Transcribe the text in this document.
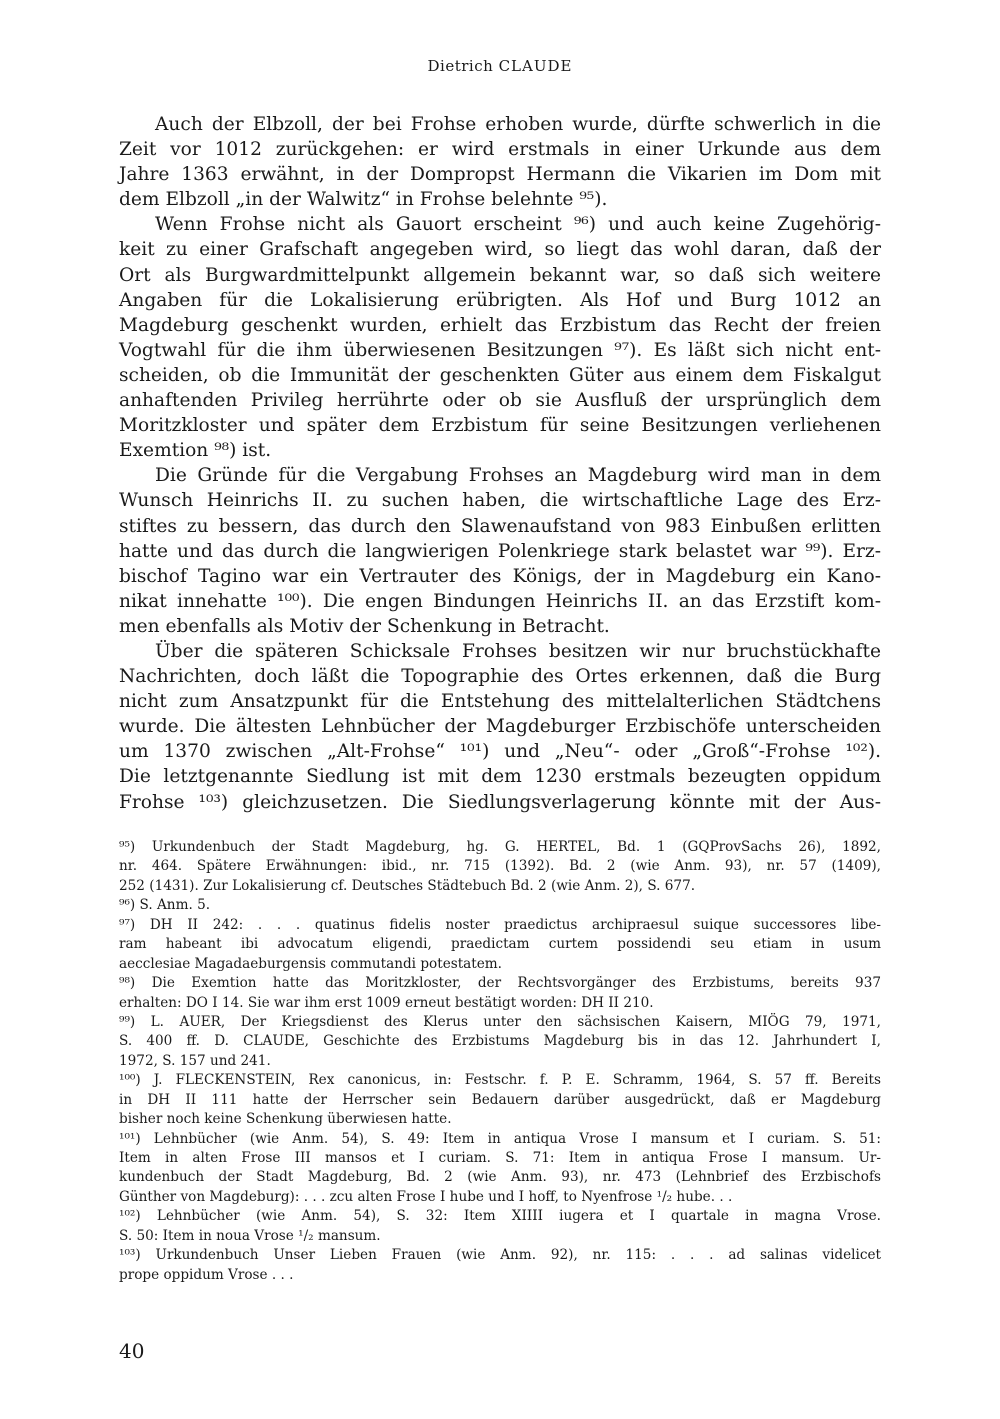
Dietrich CLAUDE
Auch der Elbzoll, der bei Frohse erhoben wurde, dürfte schwerlich in die
Zeit vor 1012 zurückgehen: er wird erstmals in einer Urkunde aus dem
Jahre 1363 erwähnt, in der Dompropst Hermann die Vikarien im Dom mit
dem Elbzoll „in der Walwitz“ in Frohse belehnte ⁹⁵).
Wenn Frohse nicht als Gauort erscheint ⁹⁶) und auch keine Zugehörig-
keit zu einer Grafschaft angegeben wird, so liegt das wohl daran, daß der
Ort als Burgwardmittelpunkt allgemein bekannt war, so daß sich weitere
Angaben für die Lokalisierung erübrigten. Als Hof und Burg 1012 an
Magdeburg geschenkt wurden, erhielt das Erzbistum das Recht der freien
Vogtwahl für die ihm überwiesenen Besitzungen ⁹⁷). Es läßt sich nicht ent-
scheiden, ob die Immunität der geschenkten Güter aus einem dem Fiskalgut
anhaftenden Privileg herrührte oder ob sie Ausfluß der ursprünglich dem
Moritzkloster und später dem Erzbistum für seine Besitzungen verliehenen
Exemtion ⁹⁸) ist.
Die Gründe für die Vergabung Frohses an Magdeburg wird man in dem
Wunsch Heinrichs II. zu suchen haben, die wirtschaftliche Lage des Erz-
stiftes zu bessern, das durch den Slawenaufstand von 983 Einbußen erlitten
hatte und das durch die langwierigen Polenkriege stark belastet war ⁹⁹). Erz-
bischof Tagino war ein Vertrauter des Königs, der in Magdeburg ein Kano-
nikat innehatte ¹⁰⁰). Die engen Bindungen Heinrichs II. an das Erzstift kom-
men ebenfalls als Motiv der Schenkung in Betracht.
Über die späteren Schicksale Frohses besitzen wir nur bruchstückhafte
Nachrichten, doch läßt die Topographie des Ortes erkennen, daß die Burg
nicht zum Ansatzpunkt für die Entstehung des mittelalterlichen Städtchens
wurde. Die ältesten Lehnbücher der Magdeburger Erzbischöfe unterscheiden
um 1370 zwischen „Alt-Frohse“ ¹⁰¹) und „Neu“- oder „Groß“-Frohse ¹⁰²).
Die letztgenannte Siedlung ist mit dem 1230 erstmals bezeugten oppidum
Frohse ¹⁰³) gleichzusetzen. Die Siedlungsverlagerung könnte mit der Aus-
⁹⁵) Urkundenbuch der Stadt Magdeburg, hg. G. HERTEL, Bd. 1 (GQProvSachs 26), 1892,
nr. 464. Spätere Erwähnungen: ibid., nr. 715 (1392). Bd. 2 (wie Anm. 93), nr. 57 (1409),
252 (1431). Zur Lokalisierung cf. Deutsches Städtebuch Bd. 2 (wie Anm. 2), S. 677.
⁹⁶) S. Anm. 5.
⁹⁷) DH II 242: . . . quatinus fidelis noster praedictus archipraesul suique successores libe-
ram habeant ibi advocatum eligendi, praedictam curtem possidendi seu etiam in usum
aecclesiae Magadaeburgensis commutandi potestatem.
⁹⁸) Die Exemtion hatte das Moritzkloster, der Rechtsvorgänger des Erzbistums, bereits 937
erhalten: DO I 14. Sie war ihm erst 1009 erneut bestätigt worden: DH II 210.
⁹⁹) L. AUER, Der Kriegsdienst des Klerus unter den sächsischen Kaisern, MIÖG 79, 1971,
S. 400 ff. D. CLAUDE, Geschichte des Erzbistums Magdeburg bis in das 12. Jahrhundert I,
1972, S. 157 und 241.
¹⁰⁰) J. FLECKENSTEIN, Rex canonicus, in: Festschr. f. P. E. Schramm, 1964, S. 57 ff. Bereits
in DH II 111 hatte der Herrscher sein Bedauern darüber ausgedrückt, daß er Magdeburg
bisher noch keine Schenkung überwiesen hatte.
¹⁰¹) Lehnbücher (wie Anm. 54), S. 49: Item in antiqua Vrose I mansum et I curiam. S. 51:
Item in alten Frose III mansos et I curiam. S. 71: Item in antiqua Frose I mansum. Ur-
kundenbuch der Stadt Magdeburg, Bd. 2 (wie Anm. 93), nr. 473 (Lehnbrief des Erzbischofs
Günther von Magdeburg): . . . zcu alten Frose I hube und I hoff, to Nyenfrose ¹/₂ hube. . .
¹⁰²) Lehnbücher (wie Anm. 54), S. 32: Item XIIII iugera et I quartale in magna Vrose.
S. 50: Item in noua Vrose ¹/₂ mansum.
¹⁰³) Urkundenbuch Unser Lieben Frauen (wie Anm. 92), nr. 115: . . . ad salinas videlicet
prope oppidum Vrose . . .
40
